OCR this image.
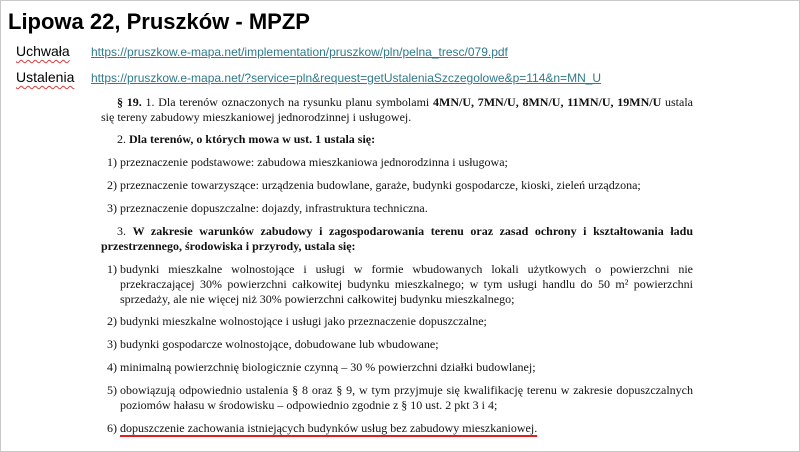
Lipowa 22, Pruszków - MPZP
Uchwała https://pruszkow.e-mapa.net/implementation/pruszkow/pln/pelna_tresc/079.pdf
Ustalenia https://pruszkow.e-mapa.net/?service=pln&request=getUstaleniaSzczegolowe&p=114&n=MN_U

§ 19. 1. Dla terenów oznaczonych na rysunku planu symbolami 4MN/U, 7MN/U, 8MN/U, 11MN/U, 19MN/U ustala się tereny zabudowy mieszkaniowej jednorodzinnej i usługowej.

2. Dla terenów, o których mowa w ust. 1 ustala się:

1) przeznaczenie podstawowe: zabudowa mieszkaniowa jednorodzinna i usługowa;
2) przeznaczenie towarzyszące: urządzenia budowlane, garaże, budynki gospodarcze, kioski, zieleń urządzona;
3) przeznaczenie dopuszczalne: dojazdy, infrastruktura techniczna.

3. W zakresie warunków zabudowy i zagospodarowania terenu oraz zasad ochrony i kształtowania ładu przestrzennego, środowiska i przyrody, ustala się:

1) budynki mieszkalne wolnostojące i usługi w formie wbudowanych lokali użytkowych o powierzchni nie przekraczającej 30% powierzchni całkowitej budynku mieszkalnego; w tym usługi handlu do 50 m² powierzchni sprzedaży, ale nie więcej niż 30% powierzchni całkowitej budynku mieszkalnego;
2) budynki mieszkalne wolnostojące i usługi jako przeznaczenie dopuszczalne;
3) budynki gospodarcze wolnostojące, dobudowane lub wbudowane;
4) minimalną powierzchnię biologicznie czynną – 30 % powierzchni działki budowlanej;
5) obowiązują odpowiednio ustalenia § 8 oraz § 9, w tym przyjmuje się kwalifikację terenu w zakresie dopuszczalnych poziomów hałasu w środowisku – odpowiednio zgodnie z § 10 ust. 2 pkt 3 i 4;
6) dopuszczenie zachowania istniejących budynków usług bez zabudowy mieszkaniowej.
